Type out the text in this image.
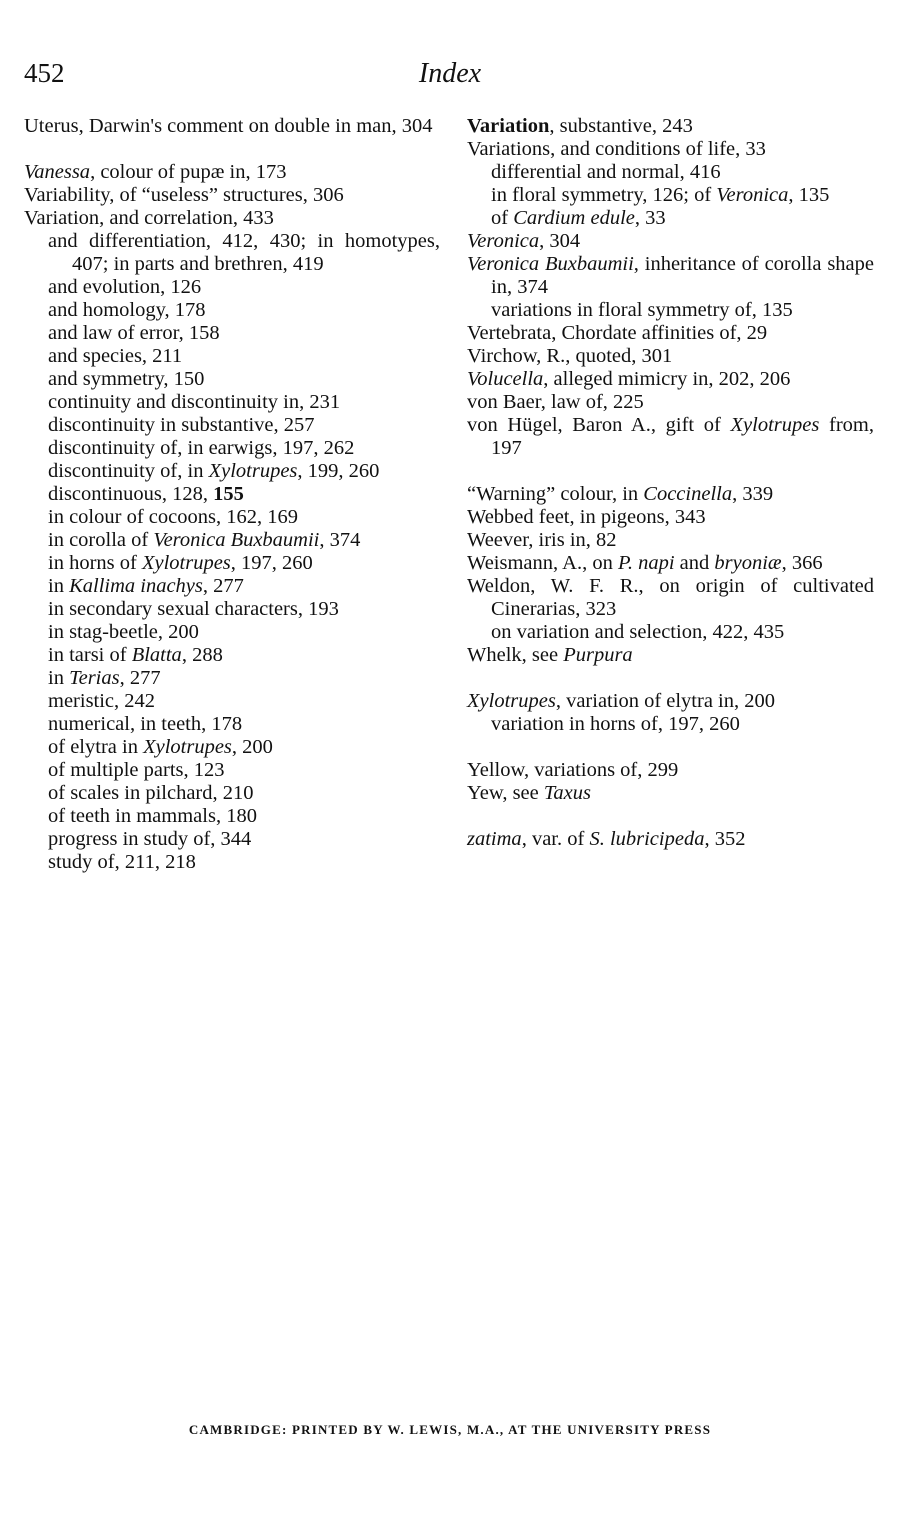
452	Index

Uterus, Darwin's comment on double in man, 304

Vanessa, colour of pupæ in, 173

Variability, of “useless” structures, 306

Variation, and correlation, 433

and differentiation, 412, 430; in homotypes, 407; in parts and brethren, 419

and evolution, 126

and homology, 178

and law of error, 158

and species, 211

and symmetry, 150

continuity and discontinuity in, 231

discontinuity in substantive, 257

discontinuity of, in earwigs, 197, 262

discontinuity of, in Xylotrupes, 199, 260

discontinuous, 128, 155

in colour of cocoons, 162, 169

in corolla of Veronica Buxbaumii, 374

in horns of Xylotrupes, 197, 260

in Kallima inachys, 277

in secondary sexual characters, 193

in stag-beetle, 200

in tarsi of Blatta, 288

in Terias, 277

meristic, 242

numerical, in teeth, 178

of elytra in Xylotrupes, 200

of multiple parts, 123

of scales in pilchard, 210

of teeth in mammals, 180

progress in study of, 344

study of, 211, 218

Variation, substantive, 243

Variations, and conditions of life, 33

differential and normal, 416

in floral symmetry, 126; of Veronica, 135

of Cardium edule, 33

Veronica, 304

Veronica Buxbaumii, inheritance of corolla shape in, 374

variations in floral symmetry of, 135

Vertebrata, Chordate affinities of, 29

Virchow, R., quoted, 301

Volucella, alleged mimicry in, 202, 206

von Baer, law of, 225

von Hügel, Baron A., gift of Xylotrupes from, 197

“Warning” colour, in Coccinella, 339

Webbed feet, in pigeons, 343

Weever, iris in, 82

Weismann, A., on P. napi and bryoniæ, 366

Weldon, W. F. R., on origin of cultivated Cinerarias, 323

on variation and selection, 422, 435

Whelk, see Purpura

Xylotrupes, variation of elytra in, 200

variation in horns of, 197, 260

Yellow, variations of, 299

Yew, see Taxus

zatima, var. of S. lubricipeda, 352

CAMBRIDGE: PRINTED BY W. LEWIS, M.A., AT THE UNIVERSITY PRESS
